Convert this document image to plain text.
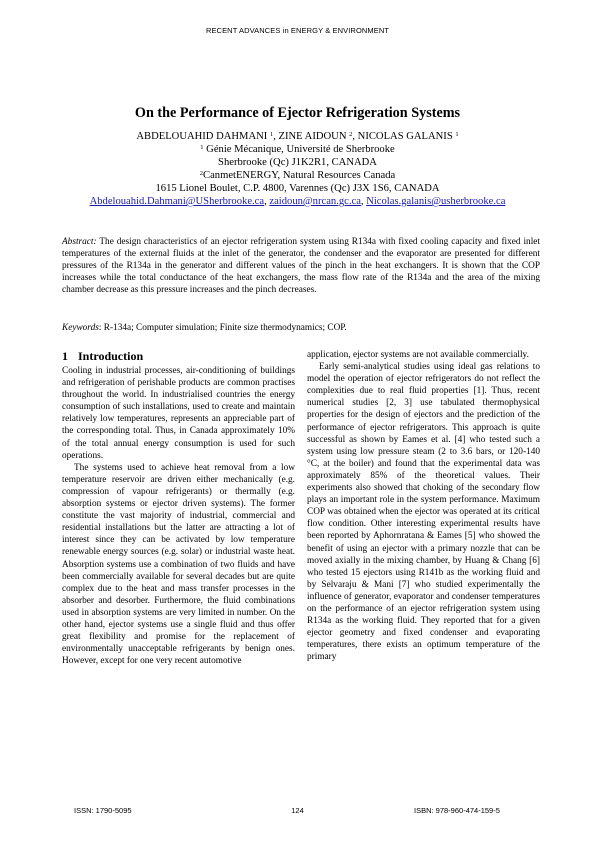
RECENT ADVANCES in ENERGY & ENVIRONMENT
On the Performance of Ejector Refrigeration Systems
ABDELOUAHID DAHMANI $^1$, ZINE AIDOUN $^2$, NICOLAS GALANIS $^1$
$^1$ Génie Mécanique, Université de Sherbrooke
Sherbrooke (Qc) J1K2R1, CANADA
$^2$CanmetENERGY, Natural Resources Canada
1615 Lionel Boulet, C.P. 4800, Varennes (Qc) J3X 1S6, CANADA
Abdelouahid.Dahmani@USherbrooke.ca, zaidoun@nrcan.gc.ca, Nicolas.galanis@usherbrooke.ca
Abstract: The design characteristics of an ejector refrigeration system using R134a with fixed cooling capacity and fixed inlet temperatures of the external fluids at the inlet of the generator, the condenser and the evaporator are presented for different pressures of the R134a in the generator and different values of the pinch in the heat exchangers. It is shown that the COP increases while the total conductance of the heat exchangers, the mass flow rate of the R134a and the area of the mixing chamber decrease as this pressure increases and the pinch decreases.
Keywords: R-134a; Computer simulation; Finite size thermodynamics; COP.
1 Introduction

Cooling in industrial processes, air-conditioning of buildings and refrigeration of perishable products are common practises throughout the world. In industrialised countries the energy consumption of such installations, used to create and maintain relatively low temperatures, represents an appreciable part of the corresponding total. Thus, in Canada approximately 10% of the total annual energy consumption is used for such operations.

The systems used to achieve heat removal from a low temperature reservoir are driven either mechanically (e.g. compression of vapour refrigerants) or thermally (e.g. absorption systems or ejector driven systems). The former constitute the vast majority of industrial, commercial and residential installations but the latter are attracting a lot of interest since they can be activated by low temperature renewable energy sources (e.g. solar) or industrial waste heat. Absorption systems use a combination of two fluids and have been commercially available for several decades but are quite complex due to the heat and mass transfer processes in the absorber and desorber. Furthermore, the fluid combinations used in absorption systems are very limited in number. On the other hand, ejector systems use a single fluid and thus offer great flexibility and promise for the replacement of environmentally unacceptable refrigerants by benign ones. However, except for one very recent automotive

application, ejector systems are not available commercially.

Early semi-analytical studies using ideal gas relations to model the operation of ejector refrigerators do not reflect the complexities due to real fluid properties [1]. Thus, recent numerical studies [2, 3] use tabulated thermophysical properties for the design of ejectors and the prediction of the performance of ejector refrigerators. This approach is quite successful as shown by Eames et al. [4] who tested such a system using low pressure steam (2 to 3.6 bars, or 120-140 °C, at the boiler) and found that the experimental data was approximately 85% of the theoretical values. Their experiments also showed that choking of the secondary flow plays an important role in the system performance. Maximum COP was obtained when the ejector was operated at its critical flow condition. Other interesting experimental results have been reported by Aphornratana & Eames [5] who showed the benefit of using an ejector with a primary nozzle that can be moved axially in the mixing chamber, by Huang & Chang [6] who tested 15 ejectors using R141b as the working fluid and by Selvaraju & Mani [7] who studied experimentally the influence of generator, evaporator and condenser temperatures on the performance of an ejector refrigeration system using R134a as the working fluid. They reported that for a given ejector geometry and fixed condenser and evaporating temperatures, there exists an optimum temperature of the primary

ISSN: 1790-5095	124	ISBN: 978-960-474-159-5
